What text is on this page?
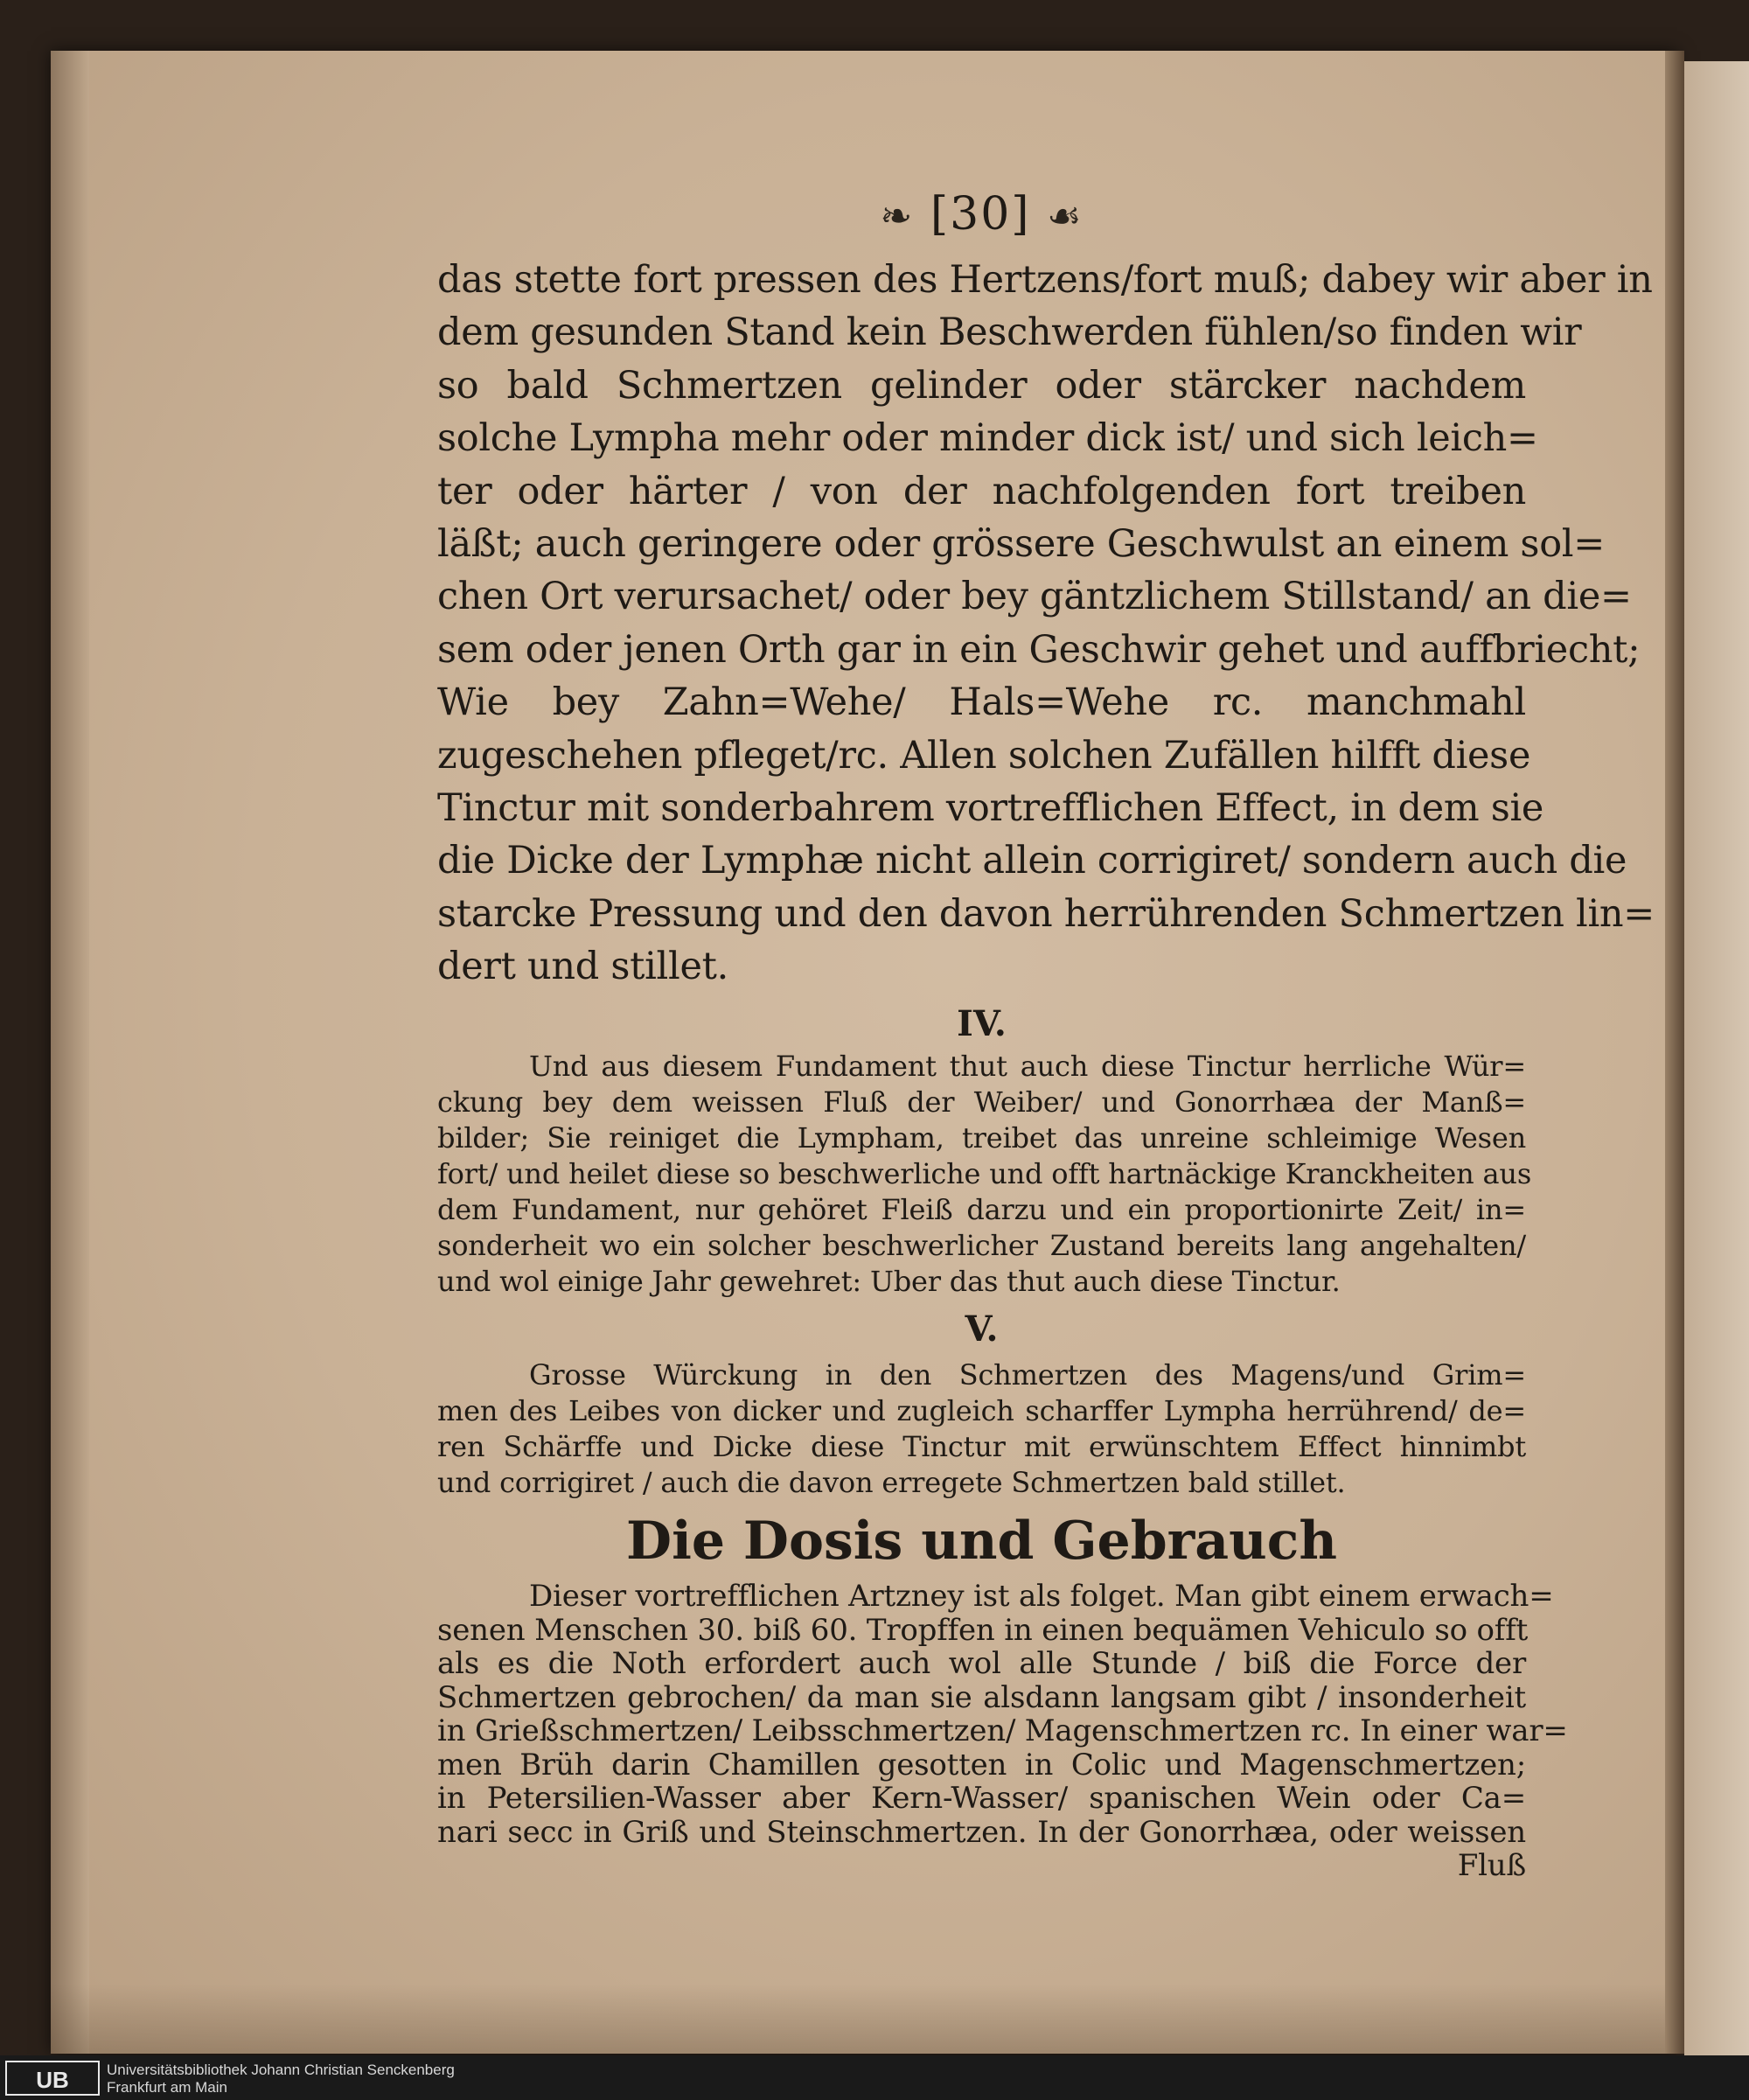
❧ [30] ☙
das stette fort pressen des Hertzens/fort muß; dabey wir aber in
dem gesunden Stand kein Beschwerden fühlen/so finden wir
so bald Schmertzen gelinder oder stärcker nachdem
solche Lympha mehr oder minder dick ist/ und sich leich=
ter oder härter / von der nachfolgenden fort treiben
läßt; auch geringere oder grössere Geschwulst an einem sol=
chen Ort verursachet/ oder bey gäntzlichem Stillstand/ an die=
sem oder jenen Orth gar in ein Geschwir gehet und auffbriecht;
Wie bey Zahn=Wehe/ Hals=Wehe rc. manchmahl
zugeschehen pfleget/rc. Allen solchen Zufällen hilfft diese
Tinctur mit sonderbahrem vortrefflichen Effect, in dem sie
die Dicke der Lymphæ nicht allein corrigiret/ sondern auch die
starcke Pressung und den davon herrührenden Schmertzen lin=
dert und stillet.
IV.
Und aus diesem Fundament thut auch diese Tinctur herrliche Wür=
ckung bey dem weissen Fluß der Weiber/ und Gonorrhæa der Manß=
bilder; Sie reiniget die Lympham, treibet das unreine schleimige Wesen
fort/ und heilet diese so beschwerliche und offt hartnäckige Kranckheiten aus
dem Fundament, nur gehöret Fleiß darzu und ein proportionirte Zeit/ in=
sonderheit wo ein solcher beschwerlicher Zustand bereits lang angehalten/
und wol einige Jahr gewehret: Uber das thut auch diese Tinctur.
V.
Grosse Würckung in den Schmertzen des Magens/und Grim=
men des Leibes von dicker und zugleich scharffer Lympha herrührend/ de=
ren Schärffe und Dicke diese Tinctur mit erwünschtem Effect hinnimbt
und corrigiret / auch die davon erregete Schmertzen bald stillet.
Die Dosis und Gebrauch
Dieser vortrefflichen Artzney ist als folget. Man gibt einem erwach=
senen Menschen 30. biß 60. Tropffen in einen bequämen Vehiculo so offt
als es die Noth erfordert auch wol alle Stunde / biß die Force der
Schmertzen gebrochen/ da man sie alsdann langsam gibt / insonderheit
in Grießschmertzen/ Leibsschmertzen/ Magenschmertzen rc. In einer war=
men Brüh darin Chamillen gesotten in Colic und Magenschmertzen;
in Petersilien-Wasser aber Kern-Wasser/ spanischen Wein oder Ca=
nari secc in Griß und Steinschmertzen. In der Gonorrhæa, oder weissen
Fluß
UB	Universitätsbibliothek Johann Christian Senckenberg
Frankfurt am Main
